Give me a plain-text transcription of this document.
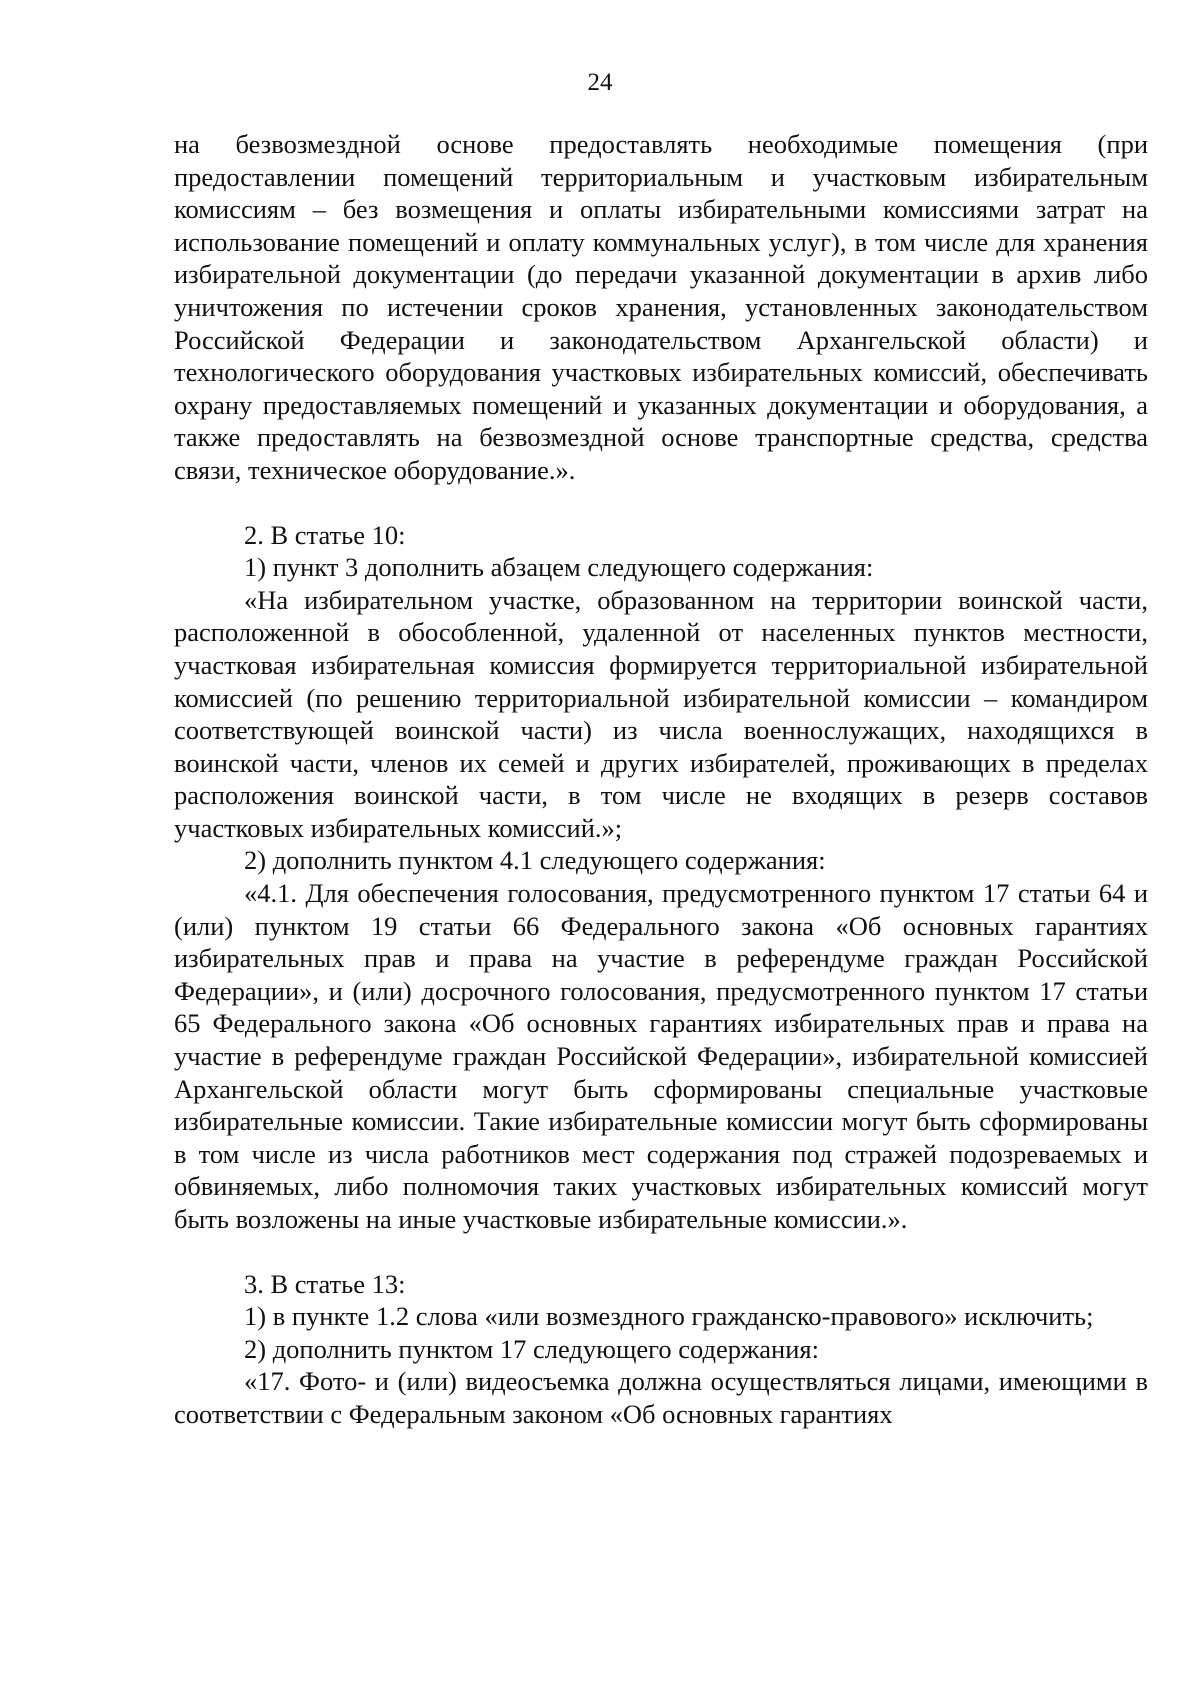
24

на безвозмездной основе предоставлять необходимые помещения (при предоставлении помещений территориальным и участковым избирательным комиссиям – без возмещения и оплаты избирательными комиссиями затрат на использование помещений и оплату коммунальных услуг), в том числе для хранения избирательной документации (до передачи указанной документации в архив либо уничтожения по истечении сроков хранения, установленных законодательством Российской Федерации и законодательством Архангельской области) и технологического оборудования участковых избирательных комиссий, обеспечивать охрану предоставляемых помещений и указанных документации и оборудования, а также предоставлять на безвозмездной основе транспортные средства, средства связи, техническое оборудование.».

2. В статье 10:

1) пункт 3 дополнить абзацем следующего содержания:

«На избирательном участке, образованном на территории воинской части, расположенной в обособленной, удаленной от населенных пунктов местности, участковая избирательная комиссия формируется территориальной избирательной комиссией (по решению территориальной избирательной комиссии – командиром соответствующей воинской части) из числа военнослужащих, находящихся в воинской части, членов их семей и других избирателей, проживающих в пределах расположения воинской части, в том числе не входящих в резерв составов участковых избирательных комиссий.»;

2) дополнить пунктом 4.1 следующего содержания:

«4.1. Для обеспечения голосования, предусмотренного пунктом 17 статьи 64 и (или) пунктом 19 статьи 66 Федерального закона «Об основных гарантиях избирательных прав и права на участие в референдуме граждан Российской Федерации», и (или) досрочного голосования, предусмотренного пунктом 17 статьи 65 Федерального закона «Об основных гарантиях избирательных прав и права на участие в референдуме граждан Российской Федерации», избирательной комиссией Архангельской области могут быть сформированы специальные участковые избирательные комиссии. Такие избирательные комиссии могут быть сформированы в том числе из числа работников мест содержания под стражей подозреваемых и обвиняемых, либо полномочия таких участковых избирательных комиссий могут быть возложены на иные участковые избирательные комиссии.».

3. В статье 13:

1) в пункте 1.2 слова «или возмездного гражданско-правового» исключить;

2) дополнить пунктом 17 следующего содержания:

«17. Фото- и (или) видеосъемка должна осуществляться лицами, имеющими в соответствии с Федеральным законом «Об основных гарантиях
